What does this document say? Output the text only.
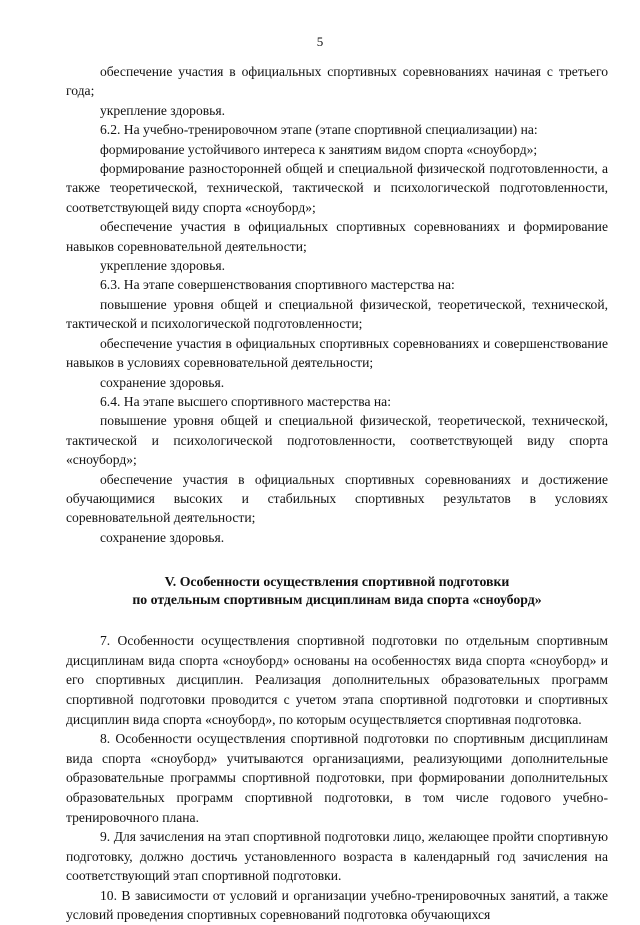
5

обеспечение участия в официальных спортивных соревнованиях начиная с третьего года;

укрепление здоровья.

6.2. На учебно-тренировочном этапе (этапе спортивной специализации) на:

формирование устойчивого интереса к занятиям видом спорта «сноуборд»;

формирование разносторонней общей и специальной физической подготовленности, а также теоретической, технической, тактической и психологической подготовленности, соответствующей виду спорта «сноуборд»;

обеспечение участия в официальных спортивных соревнованиях и формирование навыков соревновательной деятельности;

укрепление здоровья.

6.3. На этапе совершенствования спортивного мастерства на:

повышение уровня общей и специальной физической, теоретической, технической, тактической и психологической подготовленности;

обеспечение участия в официальных спортивных соревнованиях и совершенствование навыков в условиях соревновательной деятельности;

сохранение здоровья.

6.4. На этапе высшего спортивного мастерства на:

повышение уровня общей и специальной физической, теоретической, технической, тактической и психологической подготовленности, соответствующей виду спорта «сноуборд»;

обеспечение участия в официальных спортивных соревнованиях и достижение обучающимися высоких и стабильных спортивных результатов в условиях соревновательной деятельности;

сохранение здоровья.

V. Особенности осуществления спортивной подготовки
по отдельным спортивным дисциплинам вида спорта «сноуборд»

7. Особенности осуществления спортивной подготовки по отдельным спортивным дисциплинам вида спорта «сноуборд» основаны на особенностях вида спорта «сноуборд» и его спортивных дисциплин. Реализация дополнительных образовательных программ спортивной подготовки проводится с учетом этапа спортивной подготовки и спортивных дисциплин вида спорта «сноуборд», по которым осуществляется спортивная подготовка.

8. Особенности осуществления спортивной подготовки по спортивным дисциплинам вида спорта «сноуборд» учитываются организациями, реализующими дополнительные образовательные программы спортивной подготовки, при формировании дополнительных образовательных программ спортивной подготовки, в том числе годового учебно-тренировочного плана.

9. Для зачисления на этап спортивной подготовки лицо, желающее пройти спортивную подготовку, должно достичь установленного возраста в календарный год зачисления на соответствующий этап спортивной подготовки.

10. В зависимости от условий и организации учебно-тренировочных занятий, а также условий проведения спортивных соревнований подготовка обучающихся
